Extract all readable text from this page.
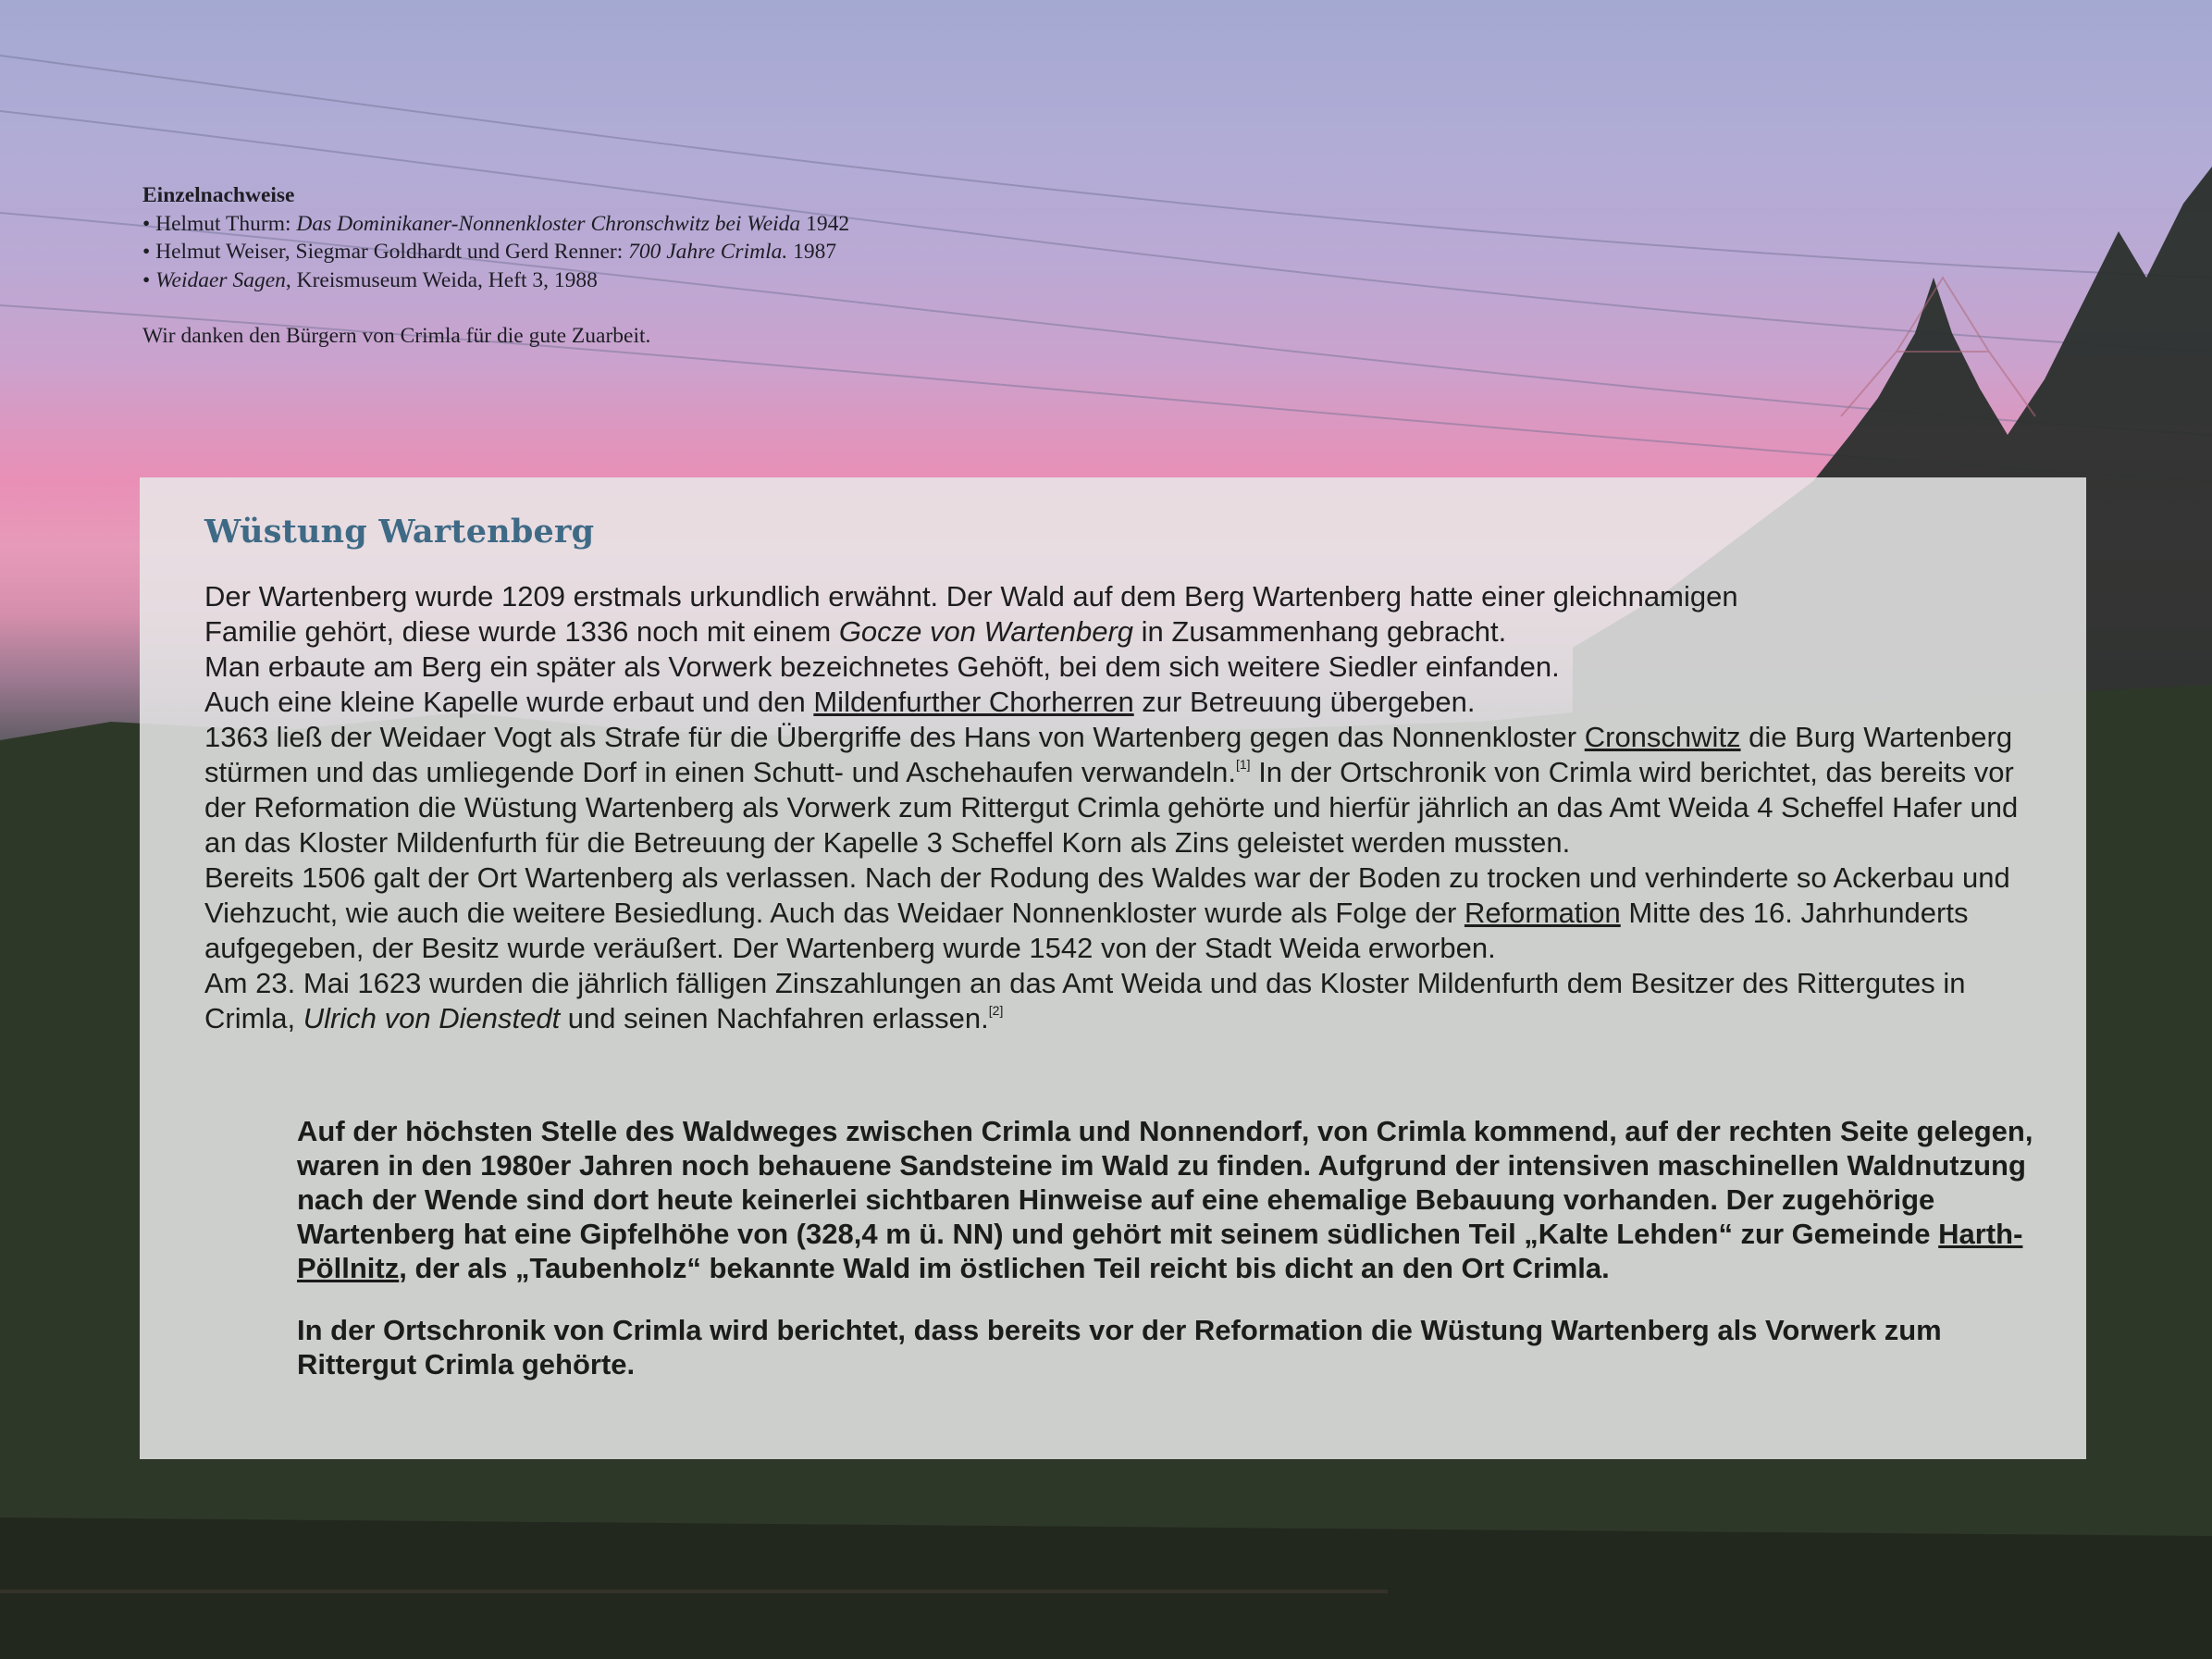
Einzelnachweise
• Helmut Thurm: Das Dominikaner-Nonnenkloster Chronschwitz bei Weida 1942
• Helmut Weiser, Siegmar Goldhardt und Gerd Renner: 700 Jahre Crimla. 1987
• Weidaer Sagen, Kreismuseum Weida, Heft 3, 1988
Wir danken den Bürgern von Crimla für die gute Zuarbeit.
Wüstung Wartenberg
Der Wartenberg wurde 1209 erstmals urkundlich erwähnt. Der Wald auf dem Berg Wartenberg hatte einer gleichnamigen
Familie gehört, diese wurde 1336 noch mit einem Gocze von Wartenberg in Zusammenhang gebracht.
Man erbaute am Berg ein später als Vorwerk bezeichnetes Gehöft, bei dem sich weitere Siedler einfanden.
Auch eine kleine Kapelle wurde erbaut und den Mildenfurther Chorherren zur Betreuung übergeben.
1363 ließ der Weidaer Vogt als Strafe für die Übergriffe des Hans von Wartenberg gegen das Nonnenkloster Cronschwitz die Burg Wartenberg stürmen und das umliegende Dorf in einen Schutt- und Aschehaufen verwandeln.[1] In der Ortschronik von Crimla wird berichtet, das bereits vor der Reformation die Wüstung Wartenberg als Vorwerk zum Rittergut Crimla gehörte und hierfür jährlich an das Amt Weida 4 Scheffel Hafer und an das Kloster Mildenfurth für die Betreuung der Kapelle 3 Scheffel Korn als Zins geleistet werden mussten.
Bereits 1506 galt der Ort Wartenberg als verlassen. Nach der Rodung des Waldes war der Boden zu trocken und verhinderte so Ackerbau und Viehzucht, wie auch die weitere Besiedlung. Auch das Weidaer Nonnenkloster wurde als Folge der Reformation Mitte des 16. Jahrhunderts aufgegeben, der Besitz wurde veräußert. Der Wartenberg wurde 1542 von der Stadt Weida erworben.
Am 23. Mai 1623 wurden die jährlich fälligen Zinszahlungen an das Amt Weida und das Kloster Mildenfurth dem Besitzer des Rittergutes in Crimla, Ulrich von Dienstedt und seinen Nachfahren erlassen.[2]

Auf der höchsten Stelle des Waldweges zwischen Crimla und Nonnendorf, von Crimla kommend, auf der rechten Seite gelegen, waren in den 1980er Jahren noch behauene Sandsteine im Wald zu finden. Aufgrund der intensiven maschinellen Waldnutzung nach der Wende sind dort heute keinerlei sichtbaren Hinweise auf eine ehemalige Bebauung vorhanden. Der zugehörige Wartenberg hat eine Gipfelhöhe von (328,4 m ü. NN) und gehört mit seinem südlichen Teil „Kalte Lehden“ zur Gemeinde Harth-Pöllnitz, der als „Taubenholz“ bekannte Wald im östlichen Teil reicht bis dicht an den Ort Crimla.

In der Ortschronik von Crimla wird berichtet, dass bereits vor der Reformation die Wüstung Wartenberg als Vorwerk zum Rittergut Crimla gehörte.
